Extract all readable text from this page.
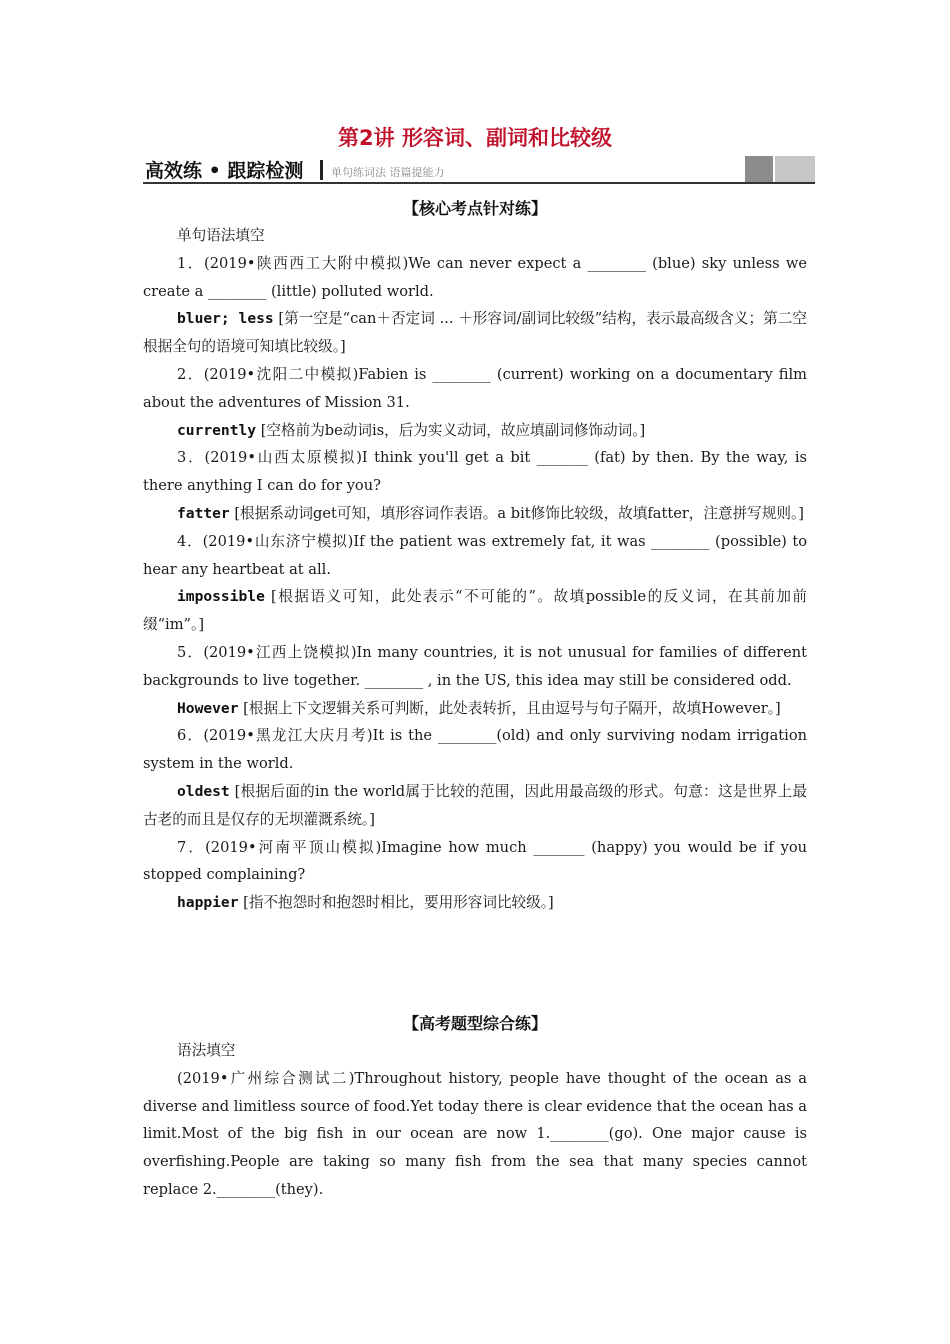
第2讲 形容词、副词和比较级
高效练 • 跟踪检测	单句练词法 语篇提能力
【核心考点针对练】

单句语法填空

1．(2019•陕西西工大附中模拟)We can never expect a ________ (blue) sky unless we create a ________ (little) polluted world.

bluer; less [第一空是“can＋否定词 ... ＋形容词/副词比较级”结构，表示最高级含义；第二空根据全句的语境可知填比较级。]

2．(2019•沈阳二中模拟)Fabien is ________ (current) working on a documentary film about the adventures of Mission 31.

currently [空格前为be动词is，后为实义动词，故应填副词修饰动词。]

3．(2019•山西太原模拟)I think you'll get a bit _______ (fat) by then. By the way, is there anything I can do for you?

fatter [根据系动词get可知，填形容词作表语。a bit修饰比较级，故填fatter，注意拼写规则。]

4．(2019•山东济宁模拟)If the patient was extremely fat, it was ________ (possible) to hear any heartbeat at all.

impossible [根据语义可知，此处表示“不可能的”。故填possible的反义词，在其前加前缀“im”。]

5．(2019•江西上饶模拟)In many countries, it is not unusual for families of different backgrounds to live together. ________ , in the US, this idea may still be considered odd.

However [根据上下文逻辑关系可判断，此处表转折，且由逗号与句子隔开，故填However。]

6．(2019•黑龙江大庆月考)It is the ________(old) and only surviving nodam irrigation system in the world.

oldest [根据后面的in the world属于比较的范围，因此用最高级的形式。句意：这是世界上最古老的而且是仅存的无坝灌溉系统。]

7．(2019•河南平顶山模拟)Imagine how much _______ (happy) you would be if you stopped complaining?

happier [指不抱怨时和抱怨时相比，要用形容词比较级。]

【高考题型综合练】

语法填空

(2019•广州综合测试二)Throughout history, people have thought of the ocean as a diverse and limitless source of food.Yet today there is clear evidence that the ocean has a limit.Most of the big fish in our ocean are now 1.________(go). One major cause is overfishing.People are taking so many fish from the sea that many species cannot replace 2.________(they).
